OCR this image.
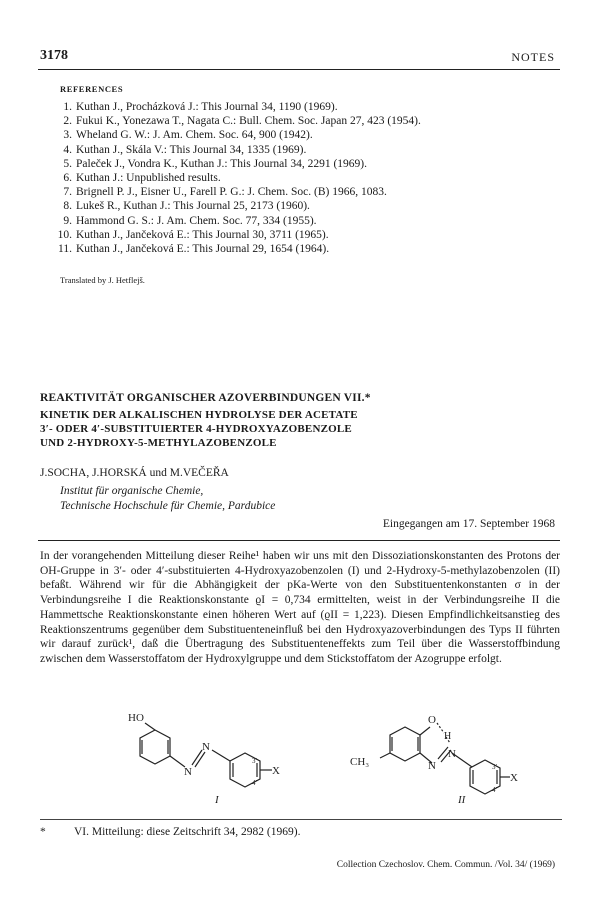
3178	NOTES
REFERENCES
1. Kuthan J., Procházková J.: This Journal 34, 1190 (1969).
2. Fukui K., Yonezawa T., Nagata C.: Bull. Chem. Soc. Japan 27, 423 (1954).
3. Wheland G. W.: J. Am. Chem. Soc. 64, 900 (1942).
4. Kuthan J., Skála V.: This Journal 34, 1335 (1969).
5. Paleček J., Vondra K., Kuthan J.: This Journal 34, 2291 (1969).
6. Kuthan J.: Unpublished results.
7. Brignell P. J., Eisner U., Farell P. G.: J. Chem. Soc. (B) 1966, 1083.
8. Lukeš R., Kuthan J.: This Journal 25, 2173 (1960).
9. Hammond G. S.: J. Am. Chem. Soc. 77, 334 (1955).
10. Kuthan J., Jančeková E.: This Journal 30, 3711 (1965).
11. Kuthan J., Jančeková E.: This Journal 29, 1654 (1964).
Translated by J. Hetflejš.
REAKTIVITÄT ORGANISCHER AZOVERBINDUNGEN VII.*
KINETIK DER ALKALISCHEN HYDROLYSE DER ACETATE
3′- ODER 4′-SUBSTITUIERTER 4-HYDROXYAZOBENZOLE
UND 2-HYDROXY-5-METHYLAZOBENZOLE
J.SOCHA, J.HORSKÁ und M.VEČEŘA
Institut für organische Chemie,
Technische Hochschule für Chemie, Pardubice
Eingegangen am 17. September 1968

In der vorangehenden Mitteilung dieser Reihe¹ haben wir uns mit den Dissoziationskonstanten des Protons der OH-Gruppe in 3′- oder 4′-substituierten 4-Hydroxyazobenzolen (I) und 2-Hydroxy-5-methylazobenzolen (II) befaßt. Während wir für die Abhängigkeit der pKa-Werte von den Substituentenkonstanten σ in der Verbindungsreihe I die Reaktionskonstante ϱI = 0,734 ermittelten, weist in der Verbindungsreihe II die Hammettsche Reaktionskonstante einen höheren Wert auf (ϱII = 1,223). Diesen Empfindlichkeitsanstieg des Reaktionszentrums gegenüber dem Substituenteneinfluß bei den Hydroxyazoverbindungen des Typs II führten wir darauf zurück¹, daß die Übertragung des Substituenteneffekts zum Teil über die Wasserstoffbindung zwischen dem Wasserstoffatom der Hydroxylgruppe und dem Stickstoffatom der Azogruppe erfolgt.

HO
N
N
3′
4′
X
I
O
H
CH₃	N
N
3′
4′
X
II
* VI. Mitteilung: diese Zeitschrift 34, 2982 (1969).
Collection Czechoslov. Chem. Commun. /Vol. 34/ (1969)
